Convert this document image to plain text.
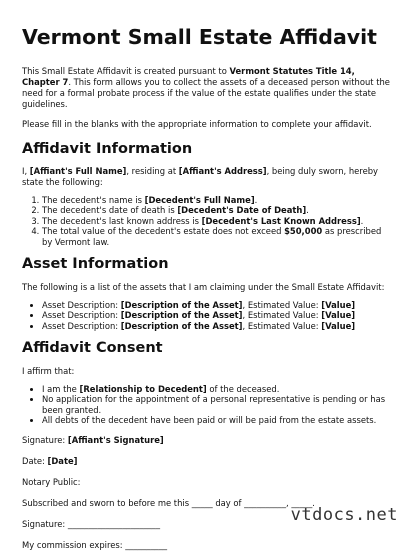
Vermont Small Estate Affidavit

This Small Estate Affidavit is created pursuant to Vermont Statutes Title 14, Chapter 7. This form allows you to collect the assets of a deceased person without the need for a formal probate process if the value of the estate qualifies under the state guidelines.

Please fill in the blanks with the appropriate information to complete your affidavit.

Affidavit Information

I, [Affiant's Full Name], residing at [Affiant's Address], being duly sworn, hereby state the following:

1. The decedent's name is [Decedent's Full Name].
2. The decedent's date of death is [Decedent's Date of Death].
3. The decedent's last known address is [Decedent's Last Known Address].
4. The total value of the decedent's estate does not exceed $50,000 as prescribed by Vermont law.
Asset Information

The following is a list of the assets that I am claiming under the Small Estate Affidavit:

• Asset Description: [Description of the Asset], Estimated Value: [Value]
• Asset Description: [Description of the Asset], Estimated Value: [Value]
• Asset Description: [Description of the Asset], Estimated Value: [Value]
Affidavit Consent

I affirm that:

• I am the [Relationship to Decedent] of the deceased.
• No application for the appointment of a personal representative is pending or has been granted.
• All debts of the decedent have been paid or will be paid from the estate assets.

Signature: [Affiant's Signature]

Date: [Date]

Notary Public:

Subscribed and sworn to before me this _____ day of __________, _____.

Signature: ______________________

My commission expires: __________

vtdocs.net
